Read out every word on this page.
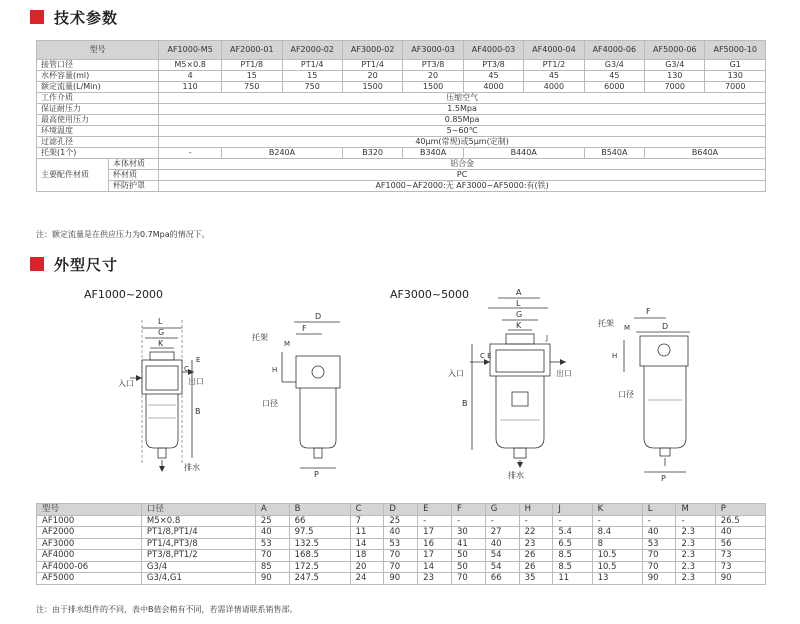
技术参数
型号		AF1000-M5	AF2000-01	AF2000-02	AF3000-02	AF3000-03	AF4000-03	AF4000-04	AF4000-06	AF5000-06	AF5000-10
接管口径		M5×0.8	PT1/8	PT1/4	PT1/4	PT3/8	PT3/8	PT1/2	G3/4	G3/4	G1
水杯容量(ml)		4	15	15	20	20	45	45	45	130	130
额定流量(L/Min)		110	750	750	1500	1500	4000	4000	6000	7000	7000
工作介质		压缩空气									
保证耐压力		1.5Mpa									
最高使用压力		0.85Mpa									
环境温度		5~60℃									
过滤孔径		40μm(常规)或5μm(定制)									
托架(1个)		-	B240A		B320	B340A	B440A		B540A	B640A	
主要配件材质	本体材质	铝合金									
	杯材质	PC									
	杯防护罩	AF1000~AF2000:无 AF3000~AF5000:有(铁)									
注：额定流量是在供应压力为0.7Mpa的情况下。
外型尺寸
AF1000~2000	AF3000~5000
L
G
K
B
E
C
入口	出口
排水
D
F
M
H
P
托架
口径
A
L
G
K
J
C E
B
入口	出口
排水
F
D
M
H
P
托架
口径
型号	口径	A	B	C	D	E	F	G	H	J	K	L	M	P
AF1000	M5×0.8	25	66	7	25	-	-	-	-	-	-	-	-	26.5
AF2000	PT1/8,PT1/4	40	97.5	11	40	17	30	27	22	5.4	8.4	40	2.3	40
AF3000	PT1/4,PT3/8	53	132.5	14	53	16	41	40	23	6.5	8	53	2.3	56
AF4000	PT3/8,PT1/2	70	168.5	18	70	17	50	54	26	8.5	10.5	70	2.3	73
AF4000-06	G3/4	85	172.5	20	70	14	50	54	26	8.5	10.5	70	2.3	73
AF5000	G3/4,G1	90	247.5	24	90	23	70	66	35	11	13	90	2.3	90
注：由于排水组件的不同，表中B值会稍有不同，若需详情请联系销售部。
